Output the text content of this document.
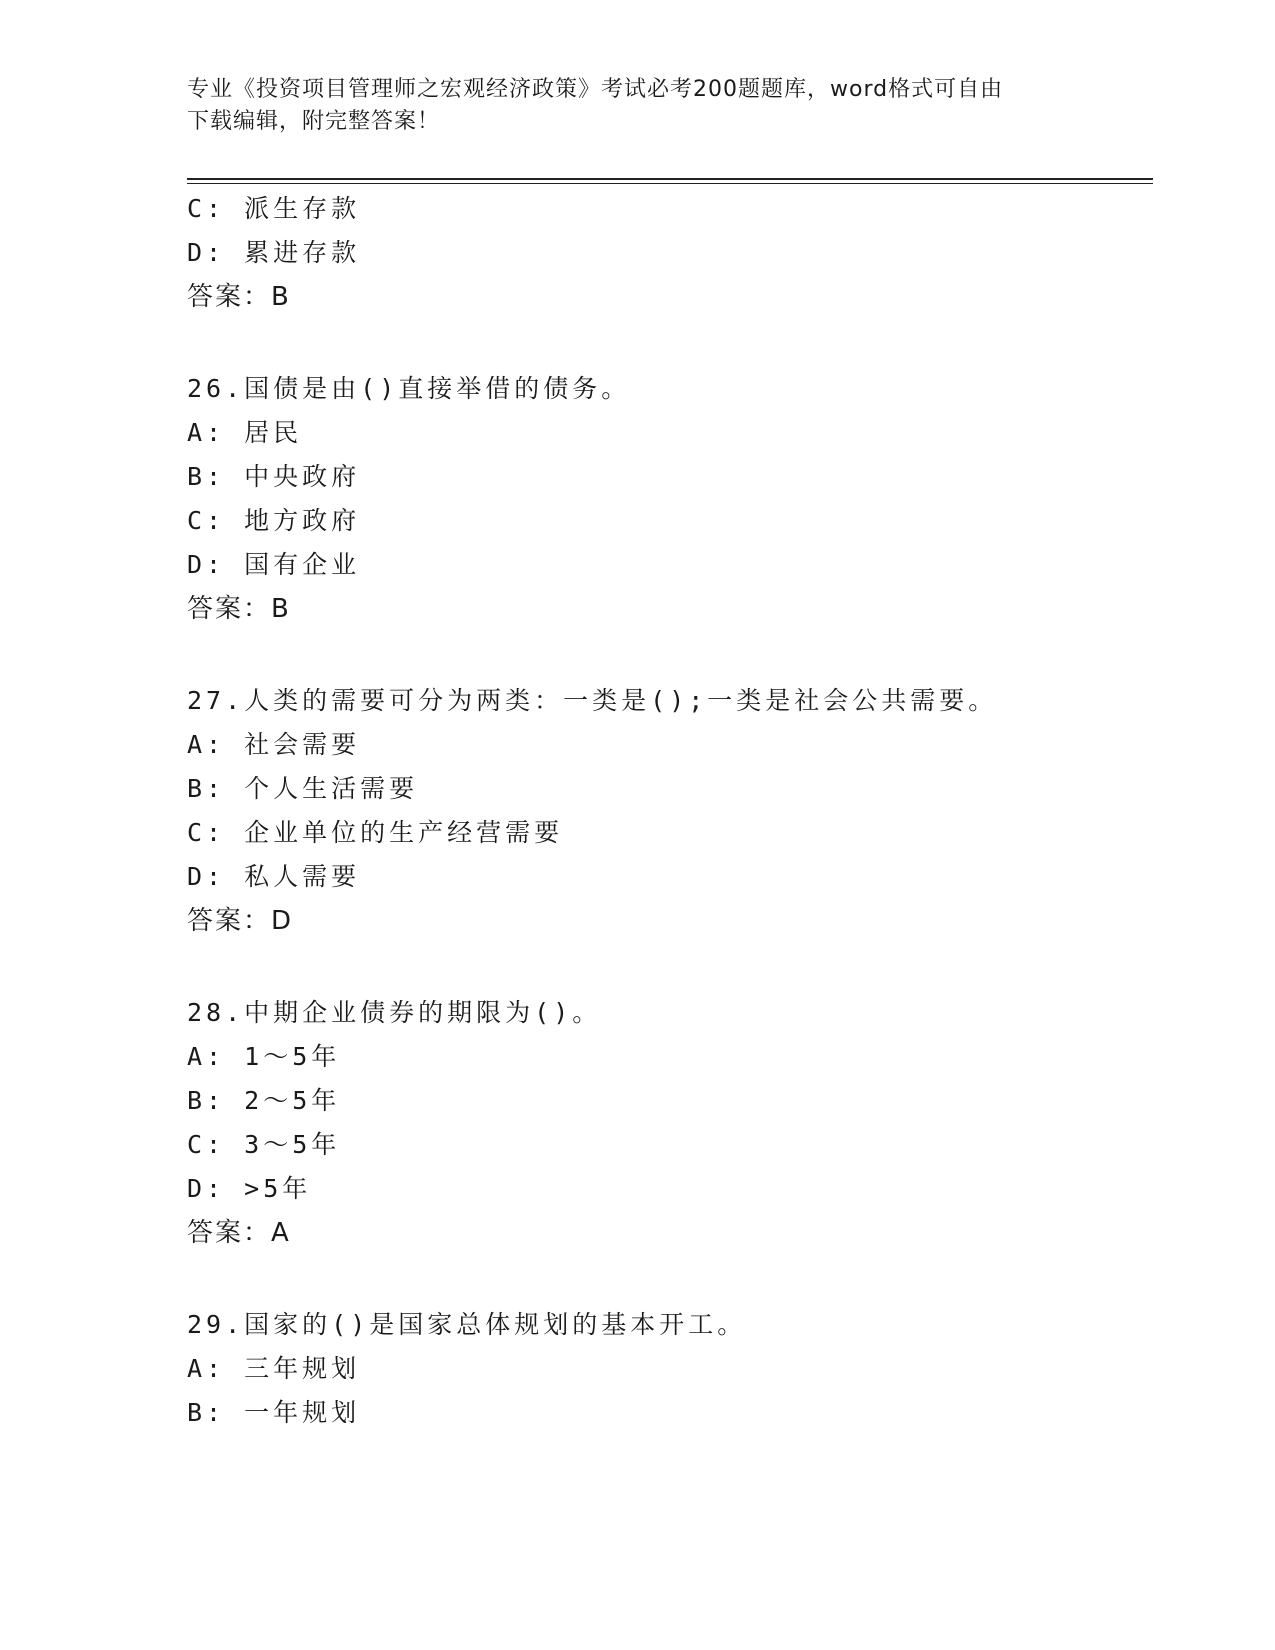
专业《投资项目管理师之宏观经济政策》考试必考200题题库，word格式可自由
下载编辑，附完整答案！
C: 派生存款
D: 累进存款
答案：B
26.国债是由()直接举借的债务。
A: 居民
B: 中央政府
C: 地方政府
D: 国有企业
答案：B
27.人类的需要可分为两类：一类是();一类是社会公共需要。
A: 社会需要
B: 个人生活需要
C: 企业单位的生产经营需要
D: 私人需要
答案：D
28.中期企业债券的期限为()。
A: 1～5年
B: 2～5年
C: 3～5年
D: >5年
答案：A
29.国家的()是国家总体规划的基本开工。
A: 三年规划
B: 一年规划
